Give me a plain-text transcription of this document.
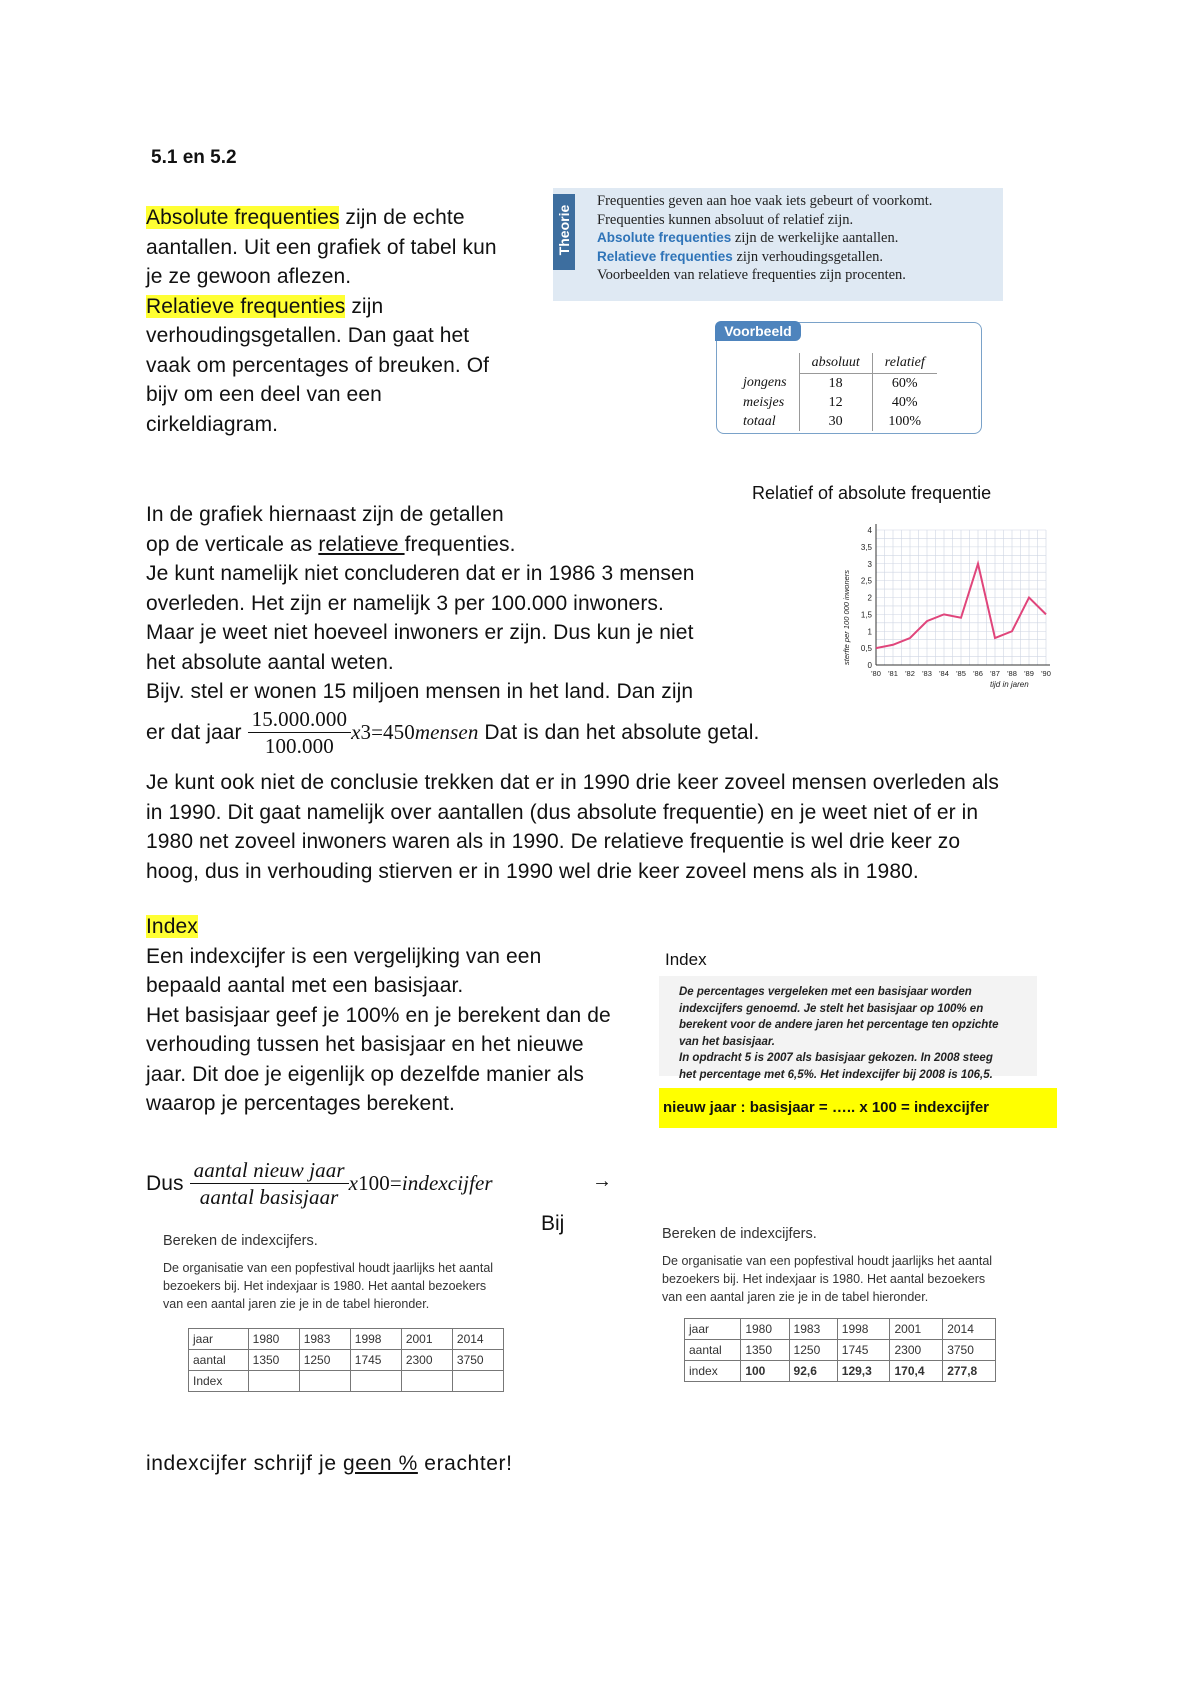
5.1 en 5.2
Absolute frequenties zijn de echte
aantallen. Uit een grafiek of tabel kun
je ze gewoon aflezen.
Relatieve frequenties zijn
verhoudingsgetallen. Dan gaat het
vaak om percentages of breuken. Of
bijv om een deel van een
cirkeldiagram.
Theorie
Frequenties geven aan hoe vaak iets gebeurt of voorkomt.
Frequenties kunnen absoluut of relatief zijn.
Absolute frequenties zijn de werkelijke aantallen.
Relatieve frequenties zijn verhoudingsgetallen.
Voorbeelden van relatieve frequenties zijn procenten.
Voorbeeld
	absoluut	relatief
jongens	18	60%
meisjes	12	40%
totaal	30	100%
Relatief of absolute frequentie
0
0,5
1
1,5
2
2,5
3
3,5
4
'80 '81 '82 '83 '84 '85 '86 '87 '88 '89 '90
sterfte per 100 000 inwoners
tijd in jaren
In de grafiek hiernaast zijn de getallen
op de verticale as relatieve frequenties.
Je kunt namelijk niet concluderen dat er in 1986 3 mensen
overleden. Het zijn er namelijk 3 per 100.000 inwoners.
Maar je weet niet hoeveel inwoners er zijn. Dus kun je niet
het absolute aantal weten.
Bijv. stel er wonen 15 miljoen mensen in het land. Dan zijn
er dat jaar $\frac{15.000.000}{100.000}$ x3=450mensen Dat is dan het absolute getal.
Je kunt ook niet de conclusie trekken dat er in 1990 drie keer zoveel mensen overleden als
in 1990. Dit gaat namelijk over aantallen (dus absolute frequentie) en je weet niet of er in
1980 net zoveel inwoners waren als in 1990. De relatieve frequentie is wel drie keer zo
hoog, dus in verhouding stierven er in 1990 wel drie keer zoveel mens als in 1980.
Index
Een indexcijfer is een vergelijking van een
bepaald aantal met een basisjaar.
Het basisjaar geef je 100% en je berekent dan de
verhouding tussen het basisjaar en het nieuwe
jaar. Dit doe je eigenlijk op dezelfde manier als
waarop je percentages berekent.
Index
De percentages vergeleken met een basisjaar worden
indexcijfers genoemd. Je stelt het basisjaar op 100% en
berekent voor de andere jaren het percentage ten opzichte
van het basisjaar.
In opdracht 5 is 2007 als basisjaar gekozen. In 2008 steeg
het percentage met 6,5%. Het indexcijfer bij 2008 is 106,5.
nieuw jaar : basisjaar = ….. x 100 = indexcijfer
Dus $\frac{\text{aantal nieuw jaar}}{\text{aantal basisjaar}}$ x100=indexcijfer	→
Bij
Bereken de indexcijfers.
De organisatie van een popfestival houdt jaarlijks het aantal
bezoekers bij. Het indexjaar is 1980. Het aantal bezoekers
van een aantal jaren zie je in de tabel hieronder.
jaar	1980	1983	1998	2001	2014
aantal	1350	1250	1745	2300	3750
Index					
Bereken de indexcijfers.
De organisatie van een popfestival houdt jaarlijks het aantal
bezoekers bij. Het indexjaar is 1980. Het aantal bezoekers
van een aantal jaren zie je in de tabel hieronder.
jaar	1980	1983	1998	2001	2014
aantal	1350	1250	1745	2300	3750
index	100	92,6	129,3	170,4	277,8
indexcijfer schrijf je geen % erachter!
